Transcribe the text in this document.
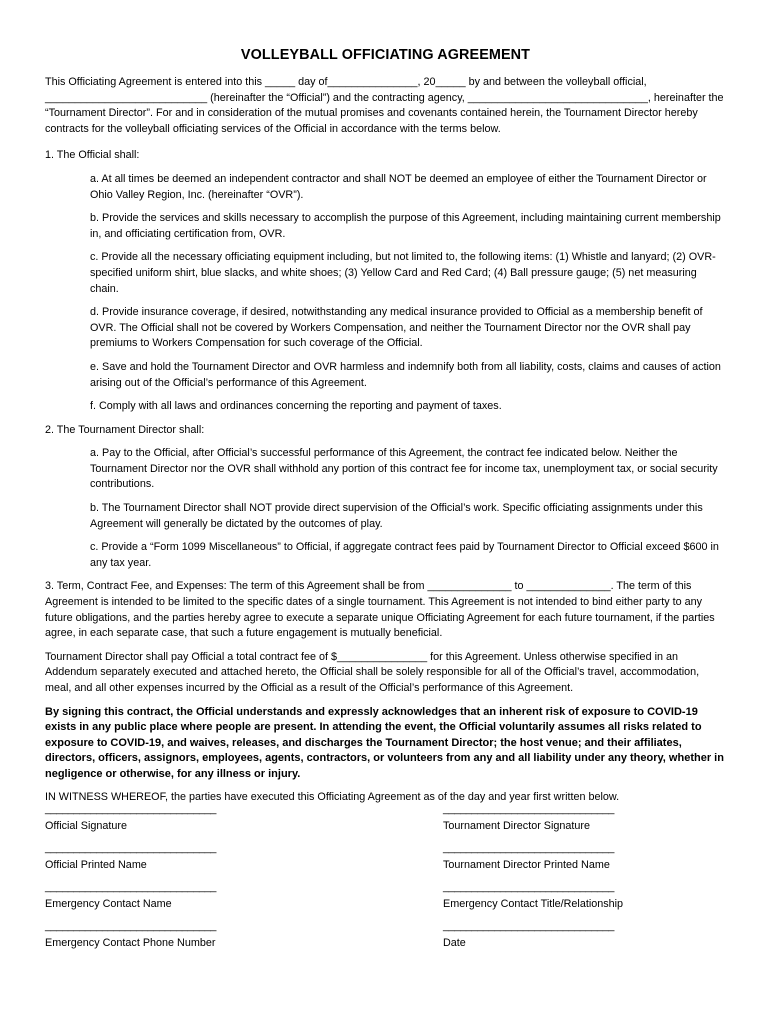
VOLLEYBALL OFFICIATING AGREEMENT

This Officiating Agreement is entered into this _____ day of_______________, 20_____ by and between the volleyball official, ___________________________ (hereinafter the “Official”) and the contracting agency, ______________________________, hereinafter the “Tournament Director”. For and in consideration of the mutual promises and covenants contained herein, the Tournament Director hereby contracts for the volleyball officiating services of the Official in accordance with the terms below.

1. The Official shall:

a. At all times be deemed an independent contractor and shall NOT be deemed an employee of either the Tournament Director or Ohio Valley Region, Inc. (hereinafter “OVR”).

b. Provide the services and skills necessary to accomplish the purpose of this Agreement, including maintaining current membership in, and officiating certification from, OVR.

c. Provide all the necessary officiating equipment including, but not limited to, the following items: (1) Whistle and lanyard; (2) OVR-specified uniform shirt, blue slacks, and white shoes; (3) Yellow Card and Red Card; (4) Ball pressure gauge; (5) net measuring chain.

d. Provide insurance coverage, if desired, notwithstanding any medical insurance provided to Official as a membership benefit of OVR. The Official shall not be covered by Workers Compensation, and neither the Tournament Director nor the OVR shall pay premiums to Workers Compensation for such coverage of the Official.

e. Save and hold the Tournament Director and OVR harmless and indemnify both from all liability, costs, claims and causes of action arising out of the Official’s performance of this Agreement.

f. Comply with all laws and ordinances concerning the reporting and payment of taxes.

2. The Tournament Director shall:

a. Pay to the Official, after Official’s successful performance of this Agreement, the contract fee indicated below. Neither the Tournament Director nor the OVR shall withhold any portion of this contract fee for income tax, unemployment tax, or social security contributions.

b. The Tournament Director shall NOT provide direct supervision of the Official’s work. Specific officiating assignments under this Agreement will generally be dictated by the outcomes of play.

c. Provide a “Form 1099 Miscellaneous” to Official, if aggregate contract fees paid by Tournament Director to Official exceed $600 in any tax year.

3. Term, Contract Fee, and Expenses: The term of this Agreement shall be from ______________ to ______________. The term of this Agreement is intended to be limited to the specific dates of a single tournament. This Agreement is not intended to bind either party to any future obligations, and the parties hereby agree to execute a separate unique Officiating Agreement for each future tournament, if the parties agree, in each separate case, that such a future engagement is mutually beneficial.

Tournament Director shall pay Official a total contract fee of $_______________ for this Agreement. Unless otherwise specified in an Addendum separately executed and attached hereto, the Official shall be solely responsible for all of the Official’s travel, accommodation, meal, and all other expenses incurred by the Official as a result of the Official’s performance of this Agreement.

By signing this contract, the Official understands and expressly acknowledges that an inherent risk of exposure to COVID-19 exists in any public place where people are present. In attending the event, the Official voluntarily assumes all risks related to exposure to COVID-19, and waives, releases, and discharges the Tournament Director; the host venue; and their affiliates, directors, officers, assignors, employees, agents, contractors, or volunteers from any and all liability under any theory, whether in negligence or otherwise, for any illness or injury.

IN WITNESS WHEREOF, the parties have executed this Officiating Agreement as of the day and year first written below.

______________________________
Official Signature
______________________________
Tournament Director Signature
______________________________
Official Printed Name
______________________________
Tournament Director Printed Name
______________________________
Emergency Contact Name
______________________________
Emergency Contact Title/Relationship
______________________________
Emergency Contact Phone Number
______________________________
Date
